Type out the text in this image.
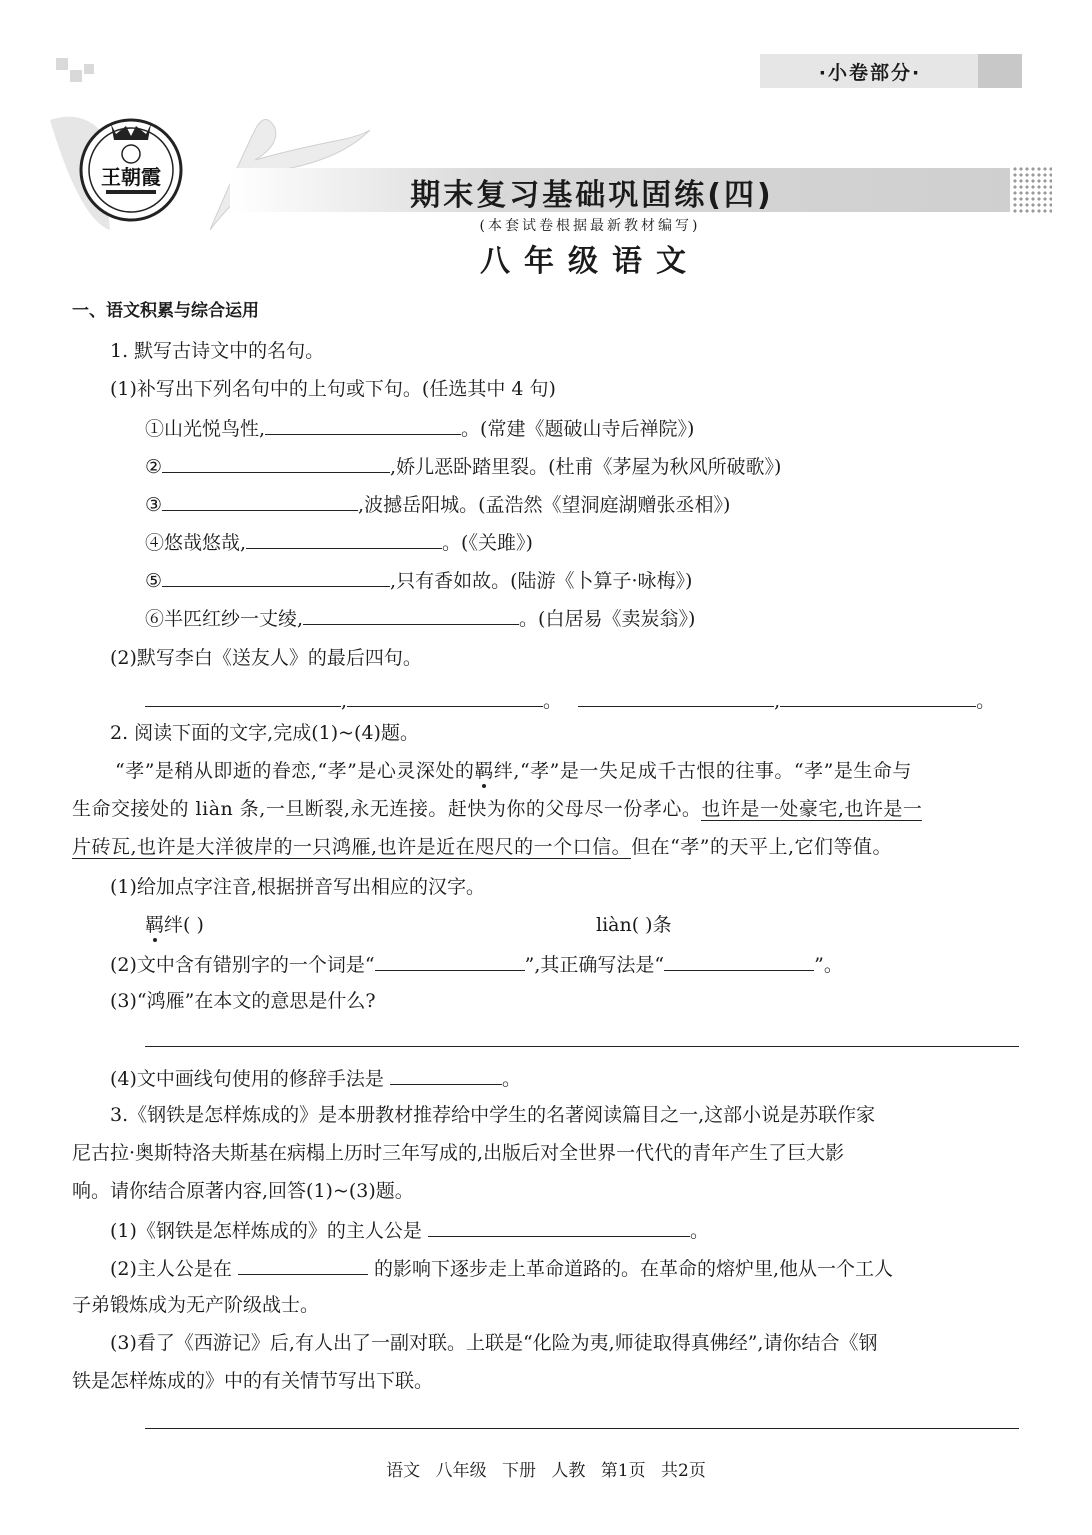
·小卷部分·
王朝霞
期末复习基础巩固练(四)
(本套试卷根据最新教材编写)
八年级语文
一、语文积累与综合运用
1. 默写古诗文中的名句。
(1)补写出下列名句中的上句或下句。(任选其中 4 句)
①山光悦鸟性,	。(常建《题破山寺后禅院》)
②	,娇儿恶卧踏里裂。(杜甫《茅屋为秋风所破歌》)
③	,波撼岳阳城。(孟浩然《望洞庭湖赠张丞相》)
④悠哉悠哉,	。(《关雎》)
⑤	,只有香如故。(陆游《卜算子·咏梅》)
⑥半匹红纱一丈绫,	。(白居易《卖炭翁》)
(2)默写李白《送友人》的最后四句。
,	。	,	。
2. 阅读下面的文字,完成(1)~(4)题。
“孝”是稍从即逝的眷恋,“孝”是心灵深处的羁绊,“孝”是一失足成千古恨的往事。“孝”是生命与
生命交接处的 liàn 条,一旦断裂,永无连接。赶快为你的父母尽一份孝心。也许是一处豪宅,也许是一
片砖瓦,也许是大洋彼岸的一只鸿雁,也许是近在咫尺的一个口信。但在“孝”的天平上,它们等值。
(1)给加点字注音,根据拼音写出相应的汉字。
羁绊( )	liàn( )条
(2)文中含有错别字的一个词是“	”,其正确写法是“	”。
(3)“鸿雁”在本文的意思是什么?
(4)文中画线句使用的修辞手法是	。
3.《钢铁是怎样炼成的》是本册教材推荐给中学生的名著阅读篇目之一,这部小说是苏联作家
尼古拉·奥斯特洛夫斯基在病榻上历时三年写成的,出版后对全世界一代代的青年产生了巨大影
响。请你结合原著内容,回答(1)~(3)题。
(1)《钢铁是怎样炼成的》的主人公是	。
(2)主人公是在	的影响下逐步走上革命道路的。在革命的熔炉里,他从一个工人
子弟锻炼成为无产阶级战士。
(3)看了《西游记》后,有人出了一副对联。上联是“化险为夷,师徒取得真佛经”,请你结合《钢
铁是怎样炼成的》中的有关情节写出下联。
语文 八年级 下册 人教 第1页 共2页
